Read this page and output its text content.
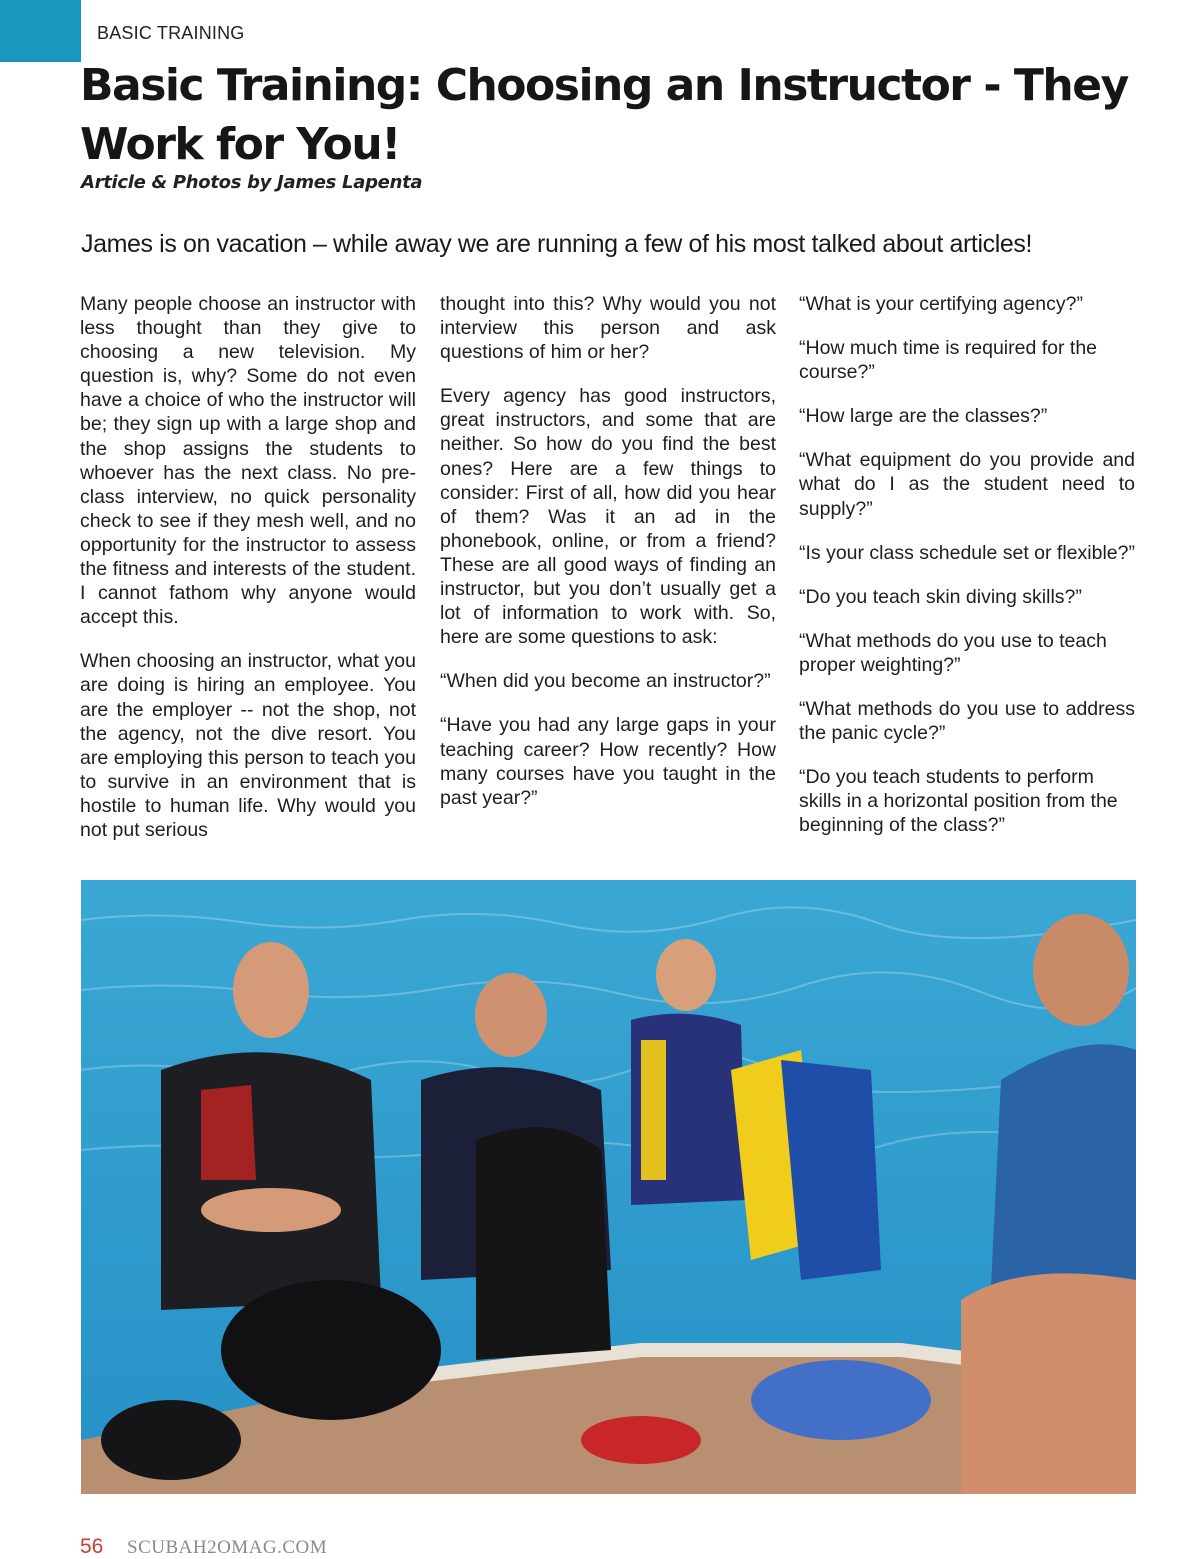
BASIC TRAINING
Basic Training: Choosing an Instructor - They Work for You!
Article & Photos by James Lapenta
James is on vacation – while away we are running a few of his most talked about articles!

Many people choose an instructor with less thought than they give to choosing a new television. My question is, why? Some do not even have a choice of who the instructor will be; they sign up with a large shop and the shop assigns the students to whoever has the next class. No pre-class interview, no quick personality check to see if they mesh well, and no opportunity for the instructor to assess the fitness and interests of the student. I cannot fathom why anyone would accept this.

When choosing an instructor, what you are doing is hiring an employee. You are the employer -- not the shop, not the agency, not the dive resort. You are employing this person to teach you to survive in an environment that is hostile to human life. Why would you not put serious

thought into this? Why would you not interview this person and ask questions of him or her?

Every agency has good instructors, great instructors, and some that are neither. So how do you find the best ones? Here are a few things to consider: First of all, how did you hear of them? Was it an ad in the phonebook, online, or from a friend? These are all good ways of finding an instructor, but you don’t usually get a lot of information to work with. So, here are some questions to ask:

“When did you become an instructor?”

“Have you had any large gaps in your teaching career? How recently? How many courses have you taught in the past year?”

“What is your certifying agency?”

“How much time is required for the course?”

“How large are the classes?”

“What equipment do you provide and what do I as the student need to supply?”

“Is your class schedule set or flexible?”

“Do you teach skin diving skills?”

“What methods do you use to teach proper weighting?”

“What methods do you use to address the panic cycle?”

“Do you teach students to perform skills in a horizontal position from the beginning of the class?”

56 SCUBAH2OMAG.COM
